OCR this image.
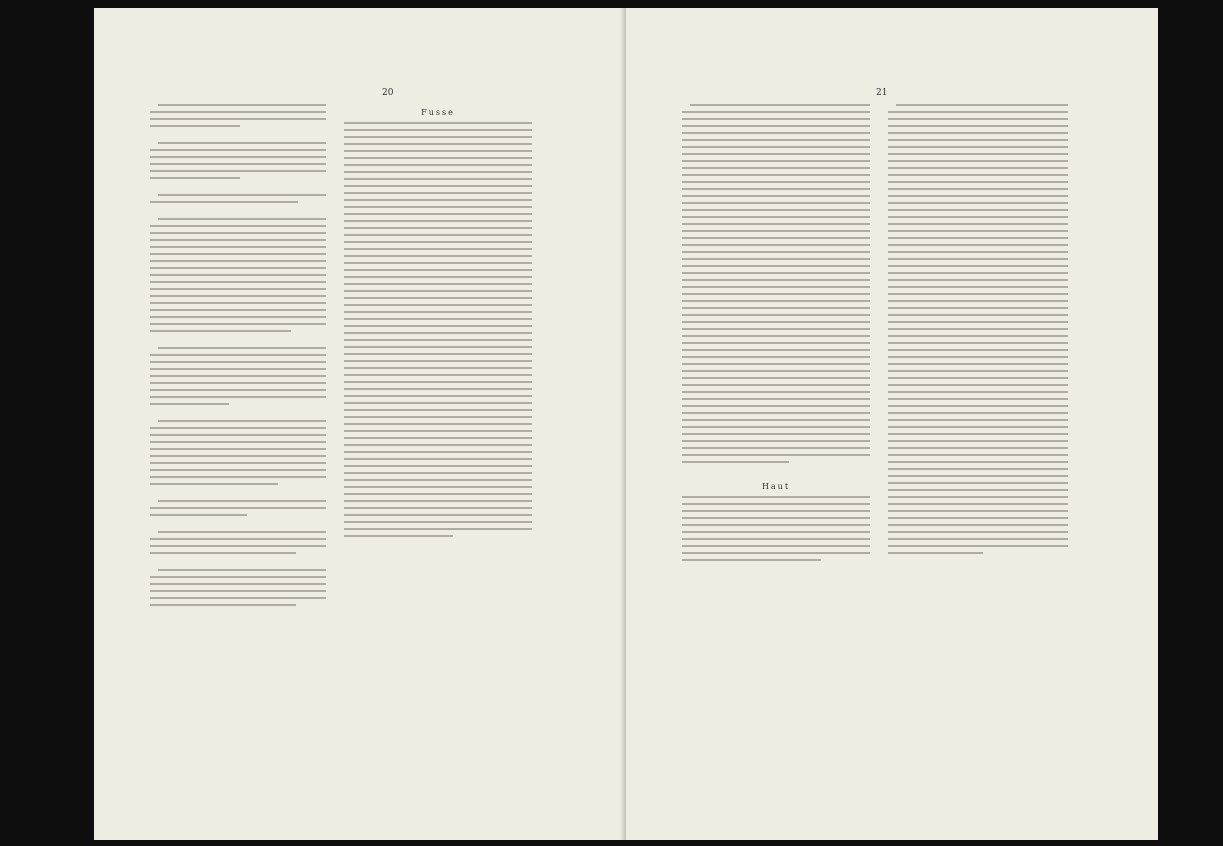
20
Fusse
21
Haut
